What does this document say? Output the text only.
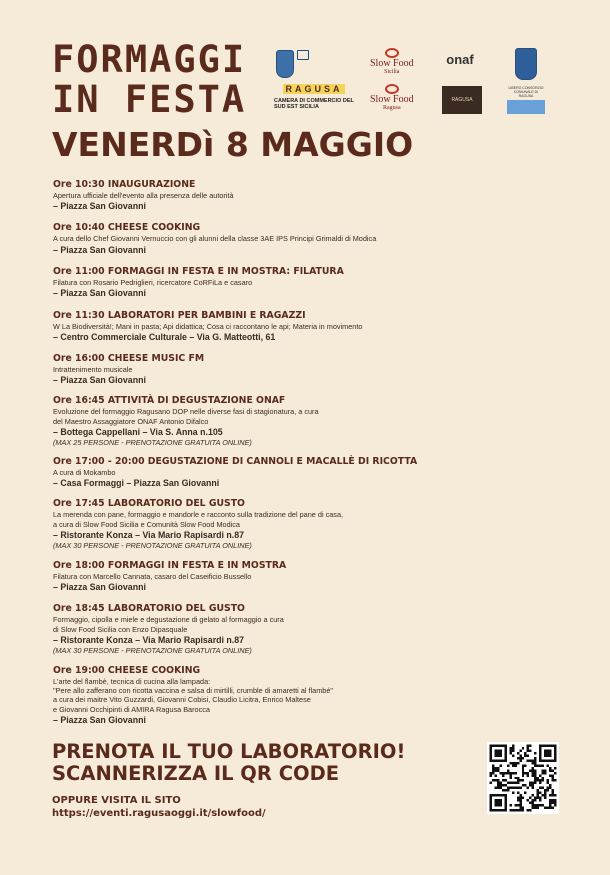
FORMAGGI
IN FESTA	RAGUSA
CAMERA DI COMMERCIO DEL SUD EST SICILIA
Slow Food
Sicilia
Slow Food
Ragusa
onaf
RAGUSA
LIBERO CONSORZIO COMUNALE DI RAGUSA
VENERDì 8 MAGGIO
Ore 10:30 INAUGURAZIONE
Apertura ufficiale dell'evento alla presenza delle autorità
– Piazza San Giovanni
Ore 10:40 CHEESE COOKING
A cura dello Chef Giovanni Vernuccio con gli alunni della classe 3AE IPS Principi Grimaldi di Modica
– Piazza San Giovanni
Ore 11:00 FORMAGGI IN FESTA E IN MOSTRA: FILATURA
Filatura con Rosario Pedriglieri, ricercatore CoRFiLa e casaro
– Piazza San Giovanni
Ore 11:30 LABORATORI PER BAMBINI E RAGAZZI
W La Biodiversità!; Mani in pasta; Api didattica; Cosa ci raccontano le api; Materia in movimento
– Centro Commerciale Culturale – Via G. Matteotti, 61
Ore 16:00 CHEESE MUSIC FM
Intrattenimento musicale
– Piazza San Giovanni
Ore 16:45 ATTIVITÀ DI DEGUSTAZIONE ONAF
Evoluzione del formaggio Ragusano DOP nelle diverse fasi di stagionatura, a cura
del Maestro Assaggiatore ONAF Antonio Difalco
– Bottega Cappellani – Via S. Anna n.105
(MAX 25 PERSONE - PRENOTAZIONE GRATUITA ONLINE)
Ore 17:00 - 20:00 DEGUSTAZIONE DI CANNOLI E MACALLÈ DI RICOTTA
A cura di Mokambo
– Casa Formaggi – Piazza San Giovanni
Ore 17:45 LABORATORIO DEL GUSTO
La merenda con pane, formaggio e mandorle e racconto sulla tradizione del pane di casa,
a cura di Slow Food Sicilia e Comunità Slow Food Modica
– Ristorante Konza – Via Mario Rapisardi n.87
(MAX 30 PERSONE - PRENOTAZIONE GRATUITA ONLINE)
Ore 18:00 FORMAGGI IN FESTA E IN MOSTRA
Filatura con Marcello Cannata, casaro del Caseificio Bussello
– Piazza San Giovanni
Ore 18:45 LABORATORIO DEL GUSTO
Formaggio, cipolla e miele e degustazione di gelato al formaggio a cura
di Slow Food Sicilia con Enzo Dipasquale
– Ristorante Konza – Via Mario Rapisardi n.87
(MAX 30 PERSONE - PRENOTAZIONE GRATUITA ONLINE)
Ore 19:00 CHEESE COOKING
L'arte del flambè, tecnica di cucina alla lampada:
"Pere allo zafferano con ricotta vaccina e salsa di mirtilli, crumble di amaretti al flambé"
a cura dei maitre Vito Guzzardi, Giovanni Cobisi, Claudio Licitra, Enrico Maltese
e Giovanni Occhipinti di AMIRA Ragusa Barocca
– Piazza San Giovanni
PRENOTA IL TUO LABORATORIO!
SCANNERIZZA IL QR CODE
OPPURE VISITA IL SITO
https://eventi.ragusaoggi.it/slowfood/
